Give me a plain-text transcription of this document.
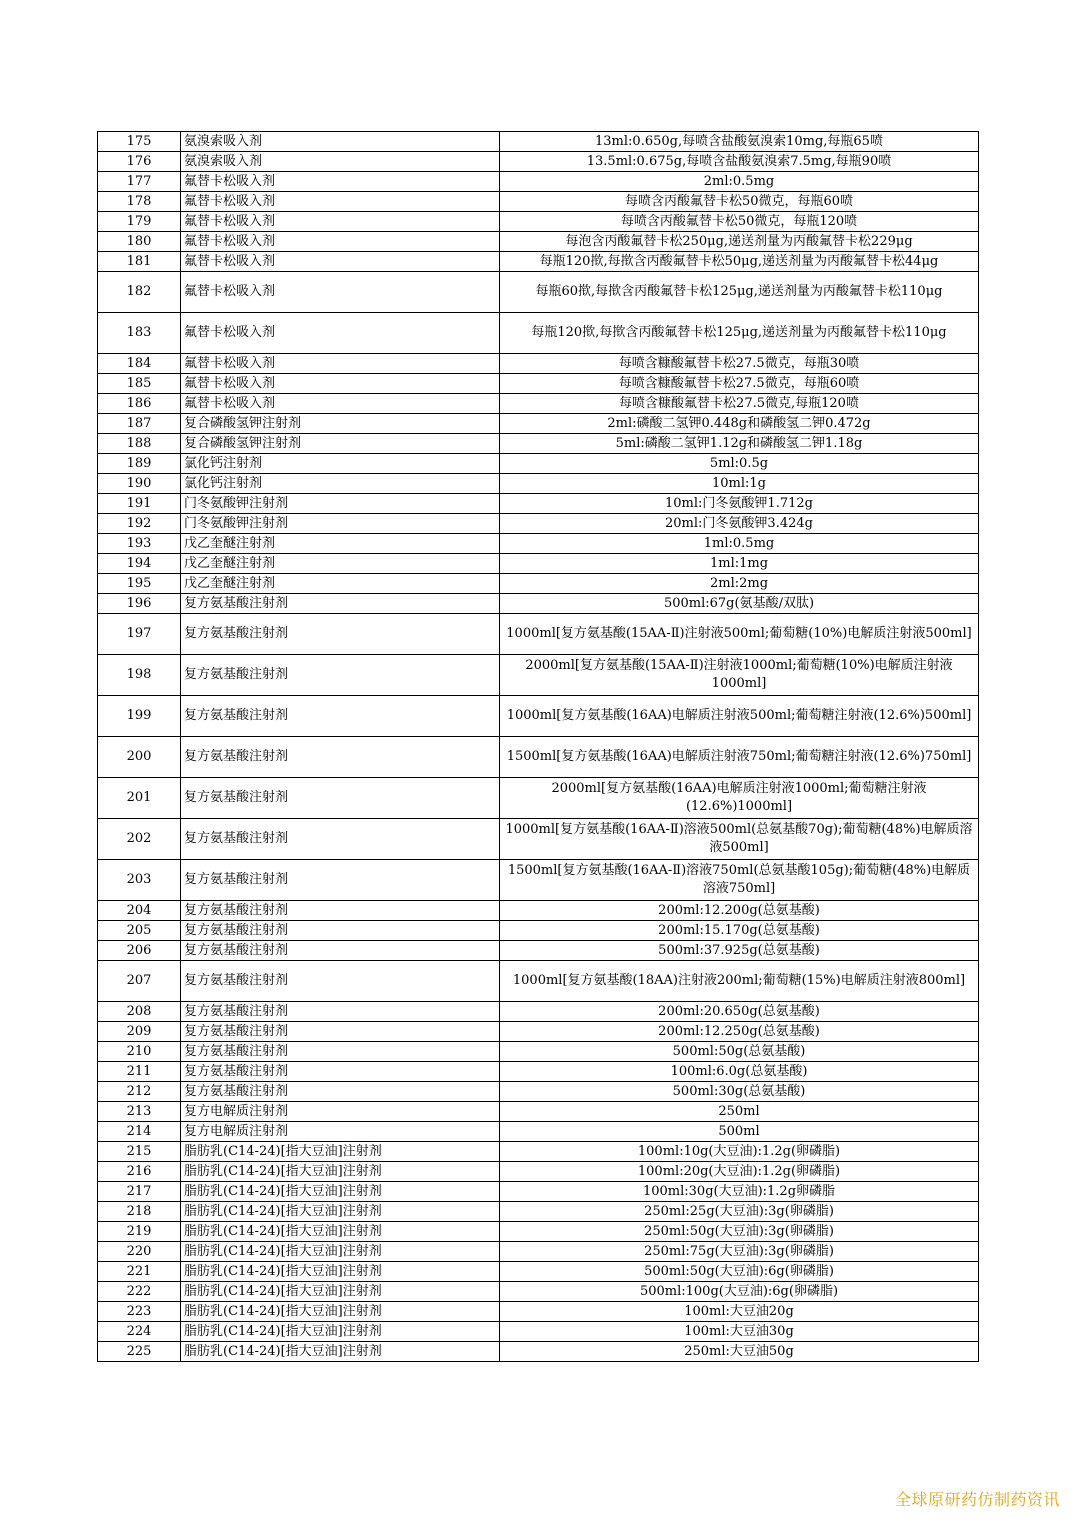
175	氨溴索吸入剂	13ml:0.650g,每喷含盐酸氨溴索10mg,每瓶65喷
176	氨溴索吸入剂	13.5ml:0.675g,每喷含盐酸氨溴索7.5mg,每瓶90喷
177	氟替卡松吸入剂	2ml:0.5mg
178	氟替卡松吸入剂	每喷含丙酸氟替卡松50微克，每瓶60喷
179	氟替卡松吸入剂	每喷含丙酸氟替卡松50微克，每瓶120喷
180	氟替卡松吸入剂	每泡含丙酸氟替卡松250μg,递送剂量为丙酸氟替卡松229μg
181	氟替卡松吸入剂	每瓶120揿,每揿含丙酸氟替卡松50μg,递送剂量为丙酸氟替卡松44μg
182	氟替卡松吸入剂	每瓶60揿,每揿含丙酸氟替卡松125μg,递送剂量为丙酸氟替卡松110μg
183	氟替卡松吸入剂	每瓶120揿,每揿含丙酸氟替卡松125μg,递送剂量为丙酸氟替卡松110μg
184	氟替卡松吸入剂	每喷含糠酸氟替卡松27.5微克，每瓶30喷
185	氟替卡松吸入剂	每喷含糠酸氟替卡松27.5微克，每瓶60喷
186	氟替卡松吸入剂	每喷含糠酸氟替卡松27.5微克,每瓶120喷
187	复合磷酸氢钾注射剂	2ml:磷酸二氢钾0.448g和磷酸氢二钾0.472g
188	复合磷酸氢钾注射剂	5ml:磷酸二氢钾1.12g和磷酸氢二钾1.18g
189	氯化钙注射剂	5ml:0.5g
190	氯化钙注射剂	10ml:1g
191	门冬氨酸钾注射剂	10ml:门冬氨酸钾1.712g
192	门冬氨酸钾注射剂	20ml:门冬氨酸钾3.424g
193	戊乙奎醚注射剂	1ml:0.5mg
194	戊乙奎醚注射剂	1ml:1mg
195	戊乙奎醚注射剂	2ml:2mg
196	复方氨基酸注射剂	500ml:67g(氨基酸/双肽)
197	复方氨基酸注射剂	1000ml[复方氨基酸(15AA-Ⅱ)注射液500ml;葡萄糖(10%)电解质注射液500ml]
198	复方氨基酸注射剂	2000ml[复方氨基酸(15AA-Ⅱ)注射液1000ml;葡萄糖(10%)电解质注射液1000ml]
199	复方氨基酸注射剂	1000ml[复方氨基酸(16AA)电解质注射液500ml;葡萄糖注射液(12.6%)500ml]
200	复方氨基酸注射剂	1500ml[复方氨基酸(16AA)电解质注射液750ml;葡萄糖注射液(12.6%)750ml]
201	复方氨基酸注射剂	2000ml[复方氨基酸(16AA)电解质注射液1000ml;葡萄糖注射液(12.6%)1000ml]
202	复方氨基酸注射剂	1000ml[复方氨基酸(16AA-Ⅱ)溶液500ml(总氨基酸70g);葡萄糖(48%)电解质溶液500ml]
203	复方氨基酸注射剂	1500ml[复方氨基酸(16AA-Ⅱ)溶液750ml(总氨基酸105g);葡萄糖(48%)电解质溶液750ml]
204	复方氨基酸注射剂	200ml:12.200g(总氨基酸)
205	复方氨基酸注射剂	200ml:15.170g(总氨基酸)
206	复方氨基酸注射剂	500ml:37.925g(总氨基酸)
207	复方氨基酸注射剂	1000ml[复方氨基酸(18AA)注射液200ml;葡萄糖(15%)电解质注射液800ml]
208	复方氨基酸注射剂	200ml:20.650g(总氨基酸)
209	复方氨基酸注射剂	200ml:12.250g(总氨基酸)
210	复方氨基酸注射剂	500ml:50g(总氨基酸)
211	复方氨基酸注射剂	100ml:6.0g(总氨基酸)
212	复方氨基酸注射剂	500ml:30g(总氨基酸)
213	复方电解质注射剂	250ml
214	复方电解质注射剂	500ml
215	脂肪乳(C14-24)[指大豆油]注射剂	100ml:10g(大豆油):1.2g(卵磷脂)
216	脂肪乳(C14-24)[指大豆油]注射剂	100ml:20g(大豆油):1.2g(卵磷脂)
217	脂肪乳(C14-24)[指大豆油]注射剂	100ml:30g(大豆油):1.2g卵磷脂
218	脂肪乳(C14-24)[指大豆油]注射剂	250ml:25g(大豆油):3g(卵磷脂)
219	脂肪乳(C14-24)[指大豆油]注射剂	250ml:50g(大豆油):3g(卵磷脂)
220	脂肪乳(C14-24)[指大豆油]注射剂	250ml:75g(大豆油):3g(卵磷脂)
221	脂肪乳(C14-24)[指大豆油]注射剂	500ml:50g(大豆油):6g(卵磷脂)
222	脂肪乳(C14-24)[指大豆油]注射剂	500ml:100g(大豆油):6g(卵磷脂)
223	脂肪乳(C14-24)[指大豆油]注射剂	100ml:大豆油20g
224	脂肪乳(C14-24)[指大豆油]注射剂	100ml:大豆油30g
225	脂肪乳(C14-24)[指大豆油]注射剂	250ml:大豆油50g
全球原研药仿制药资讯
